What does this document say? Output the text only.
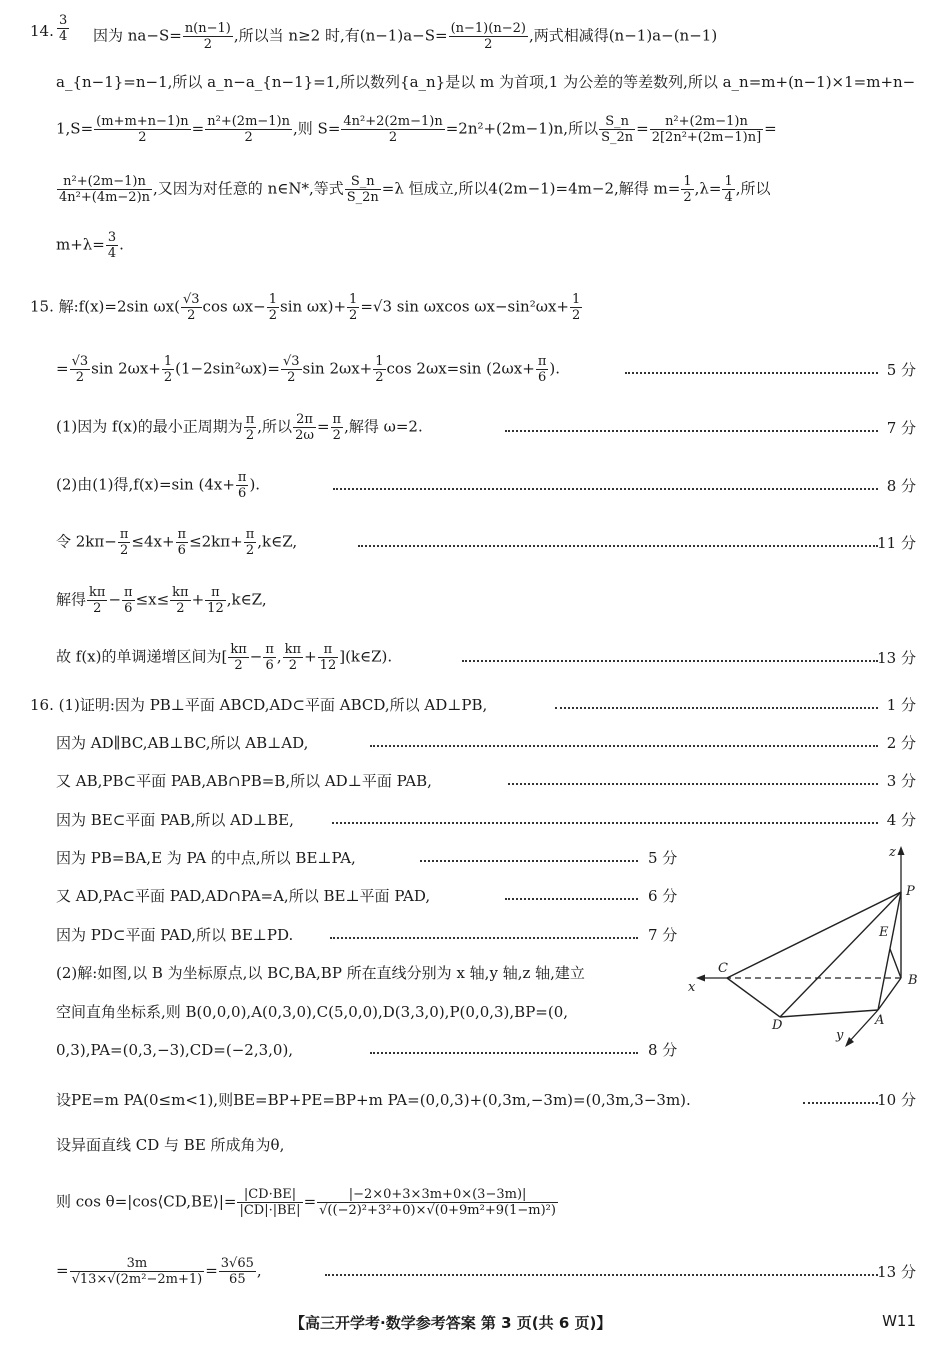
14. $\frac{3}{4}$ 因为 $na-S= \frac{n(n-1)}{2}$ ,所以当 n≥2 时,有$(n-1)a-S= \frac{(n-1)(n-2)}{2}$ ,两式相减得(n−1)a−(n−1)
a_{n−1}=n−1,所以 a_n−a_{n−1}=1,所以数列{a_n}是以 m 为首项,1 为公差的等差数列,所以 a_n=m+(n−1)×1=m+n−
$1,S= \frac{(m+m+n-1)n}{2} = \frac{\text{n²+(2m−1)n}}{2}$ ,则 $S= \frac{\text{4n²+2(2m−1)n}}{2} =2n^2+(2m-1)n$,所以 $\frac{S\_n}{S\_2n} = \frac{\text{n²+(2m−1)n}}{\text{2[2n²+(2m−1)n]}}$ =
$\frac{\text{n²+(2m−1)n}}{\text{4n²+(4m−2)n}}$ ,又因为对任意的 n∈N*,等式 $\frac{S\_n}{S\_2n} =\lambda$ 恒成立,所以4(2m−1)=4m−2,解得 $m= \frac{1}{2} ,\lambda= \frac{1}{4}$ ,所以
$m+\lambda= \frac{3}{4}$ .
15. 解:f(x)=2sin $\omega x( \frac{√3}{2}$ $\cos \omega x- \frac{1}{2}$ $\sin \omega x)+ \frac{1}{2} =√3$ sin ωxcos $\omega x-\sin^2\omega x+ \frac{1}{2}$
= $\frac{√3}{2}$ $\sin 2\omega x+ \frac{1}{2} (1-2\sin^2\omega x)= \frac{√3}{2}$ $\sin 2\omega x+ \frac{1}{2}$ cos 2ωx=sin ($2\omega x+ \frac{\pi}{6}$ ).	5 分
(1)因为 f(x)的最小正周期为 $\frac{\pi}{2}$ ,所以 $\frac{2\pi}{2\omega} = \frac{\pi}{2}$ ,解得 ω=2.	7 分
(2)由(1)得,f(x)=sin ($4x+ \frac{\pi}{6}$ ).	8 分
令 $2k\pi- \frac{\pi}{2} \le 4x+ \frac{\pi}{6} \le 2k\pi+ \frac{\pi}{2}$ ,k∈Z,	11 分
解得 $\frac{k\pi}{2} - \frac{\pi}{6} \le x\le \frac{k\pi}{2} + \frac{\pi}{12}$ ,k∈Z,
故 f(x)的单调递增区间为[ $\frac{k\pi}{2} - \frac{\pi}{6}$ , $\frac{k\pi}{2} + \frac{\pi}{12}$ ](k∈Z).	13 分
16. (1)证明:因为 PB⊥平面 ABCD,AD⊂平面 ABCD,所以 AD⊥PB,	1 分
因为 AD∥BC,AB⊥BC,所以 AB⊥AD,	2 分
又 AB,PB⊂平面 PAB,AB∩PB=B,所以 AD⊥平面 PAB,	3 分
因为 BE⊂平面 PAB,所以 AD⊥BE,	4 分
因为 PB=BA,E 为 PA 的中点,所以 BE⊥PA,	5 分
又 AD,PA⊂平面 PAD,AD∩PA=A,所以 BE⊥平面 PAD,	6 分
因为 PD⊂平面 PAD,所以 BE⊥PD.	7 分
(2)解:如图,以 B 为坐标原点,以 BC,BA,BP 所在直线分别为 x 轴,y 轴,z 轴,建立
空间直角坐标系,则 B(0,0,0),A(0,3,0),C(5,0,0),D(3,3,0),P(0,0,3),BP=(0,
0,3),PA=(0,3,−3),CD=(−2,3,0),	8 分
设PE=m PA(0≤m<1),则BE=BP+PE=BP+m PA=(0,0,3)+(0,3m,−3m)=(0,3m,3−3m).	10 分
设异面直线 CD 与 BE 所成角为θ,
则 cos θ=|cos⟨CD,BE⟩|= $\frac{|CD\cdot BE|}{|CD|\cdot|BE|} = \frac{|-2\times 0+3\times 3m+0\times(3-3m)|}{\text{√((−2)²+3²+0)×√(0+9m²+9(1−m)²)}}$
= $\frac{3m}{\text{√13×√(2m²−2m+1)}} = \frac{3√65}{65}$ ,	13 分
z
P
E
C
B
x
D	A
y
【高三开学考·数学参考答案 第 3 页(共 6 页)】	W11
